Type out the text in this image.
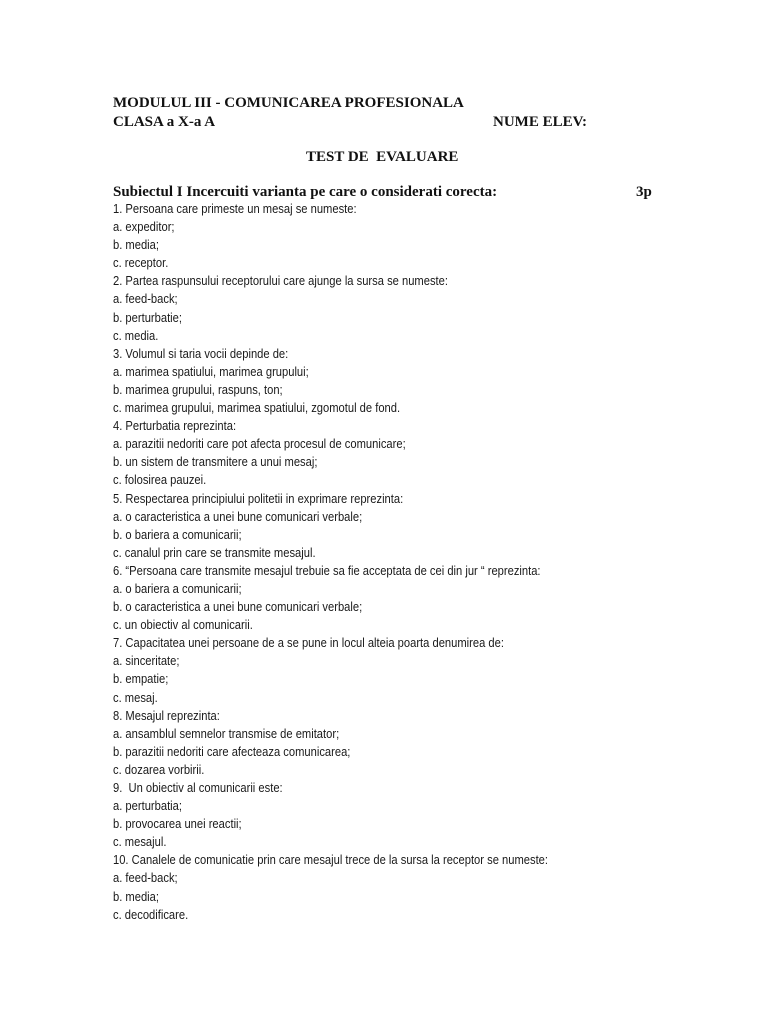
MODULUL III - COMUNICAREA PROFESIONALA
CLASA a X-a A	NUME ELEV:
TEST DE  EVALUARE
Subiectul I Incercuiti varianta pe care o considerati corecta:	3p
1. Persoana care primeste un mesaj se numeste:
a. expeditor;
b. media;
c. receptor.
2. Partea raspunsului receptorului care ajunge la sursa se numeste:
a. feed-back;
b. perturbatie;
c. media.
3. Volumul si taria vocii depinde de:
a. marimea spatiului, marimea grupului;
b. marimea grupului, raspuns, ton;
c. marimea grupului, marimea spatiului, zgomotul de fond.
4. Perturbatia reprezinta:
a. parazitii nedoriti care pot afecta procesul de comunicare;
b. un sistem de transmitere a unui mesaj;
c. folosirea pauzei.
5. Respectarea principiului politetii in exprimare reprezinta:
a. o caracteristica a unei bune comunicari verbale;
b. o bariera a comunicarii;
c. canalul prin care se transmite mesajul.
6. “Persoana care transmite mesajul trebuie sa fie acceptata de cei din jur “ reprezinta:
a. o bariera a comunicarii;
b. o caracteristica a unei bune comunicari verbale;
c. un obiectiv al comunicarii.
7. Capacitatea unei persoane de a se pune in locul alteia poarta denumirea de:
a. sinceritate;
b. empatie;
c. mesaj.
8. Mesajul reprezinta:
a. ansamblul semnelor transmise de emitator;
b. parazitii nedoriti care afecteaza comunicarea;
c. dozarea vorbirii.
9.  Un obiectiv al comunicarii este:
a. perturbatia;
b. provocarea unei reactii;
c. mesajul.
10. Canalele de comunicatie prin care mesajul trece de la sursa la receptor se numeste:
a. feed-back;
b. media;
c. decodificare.
